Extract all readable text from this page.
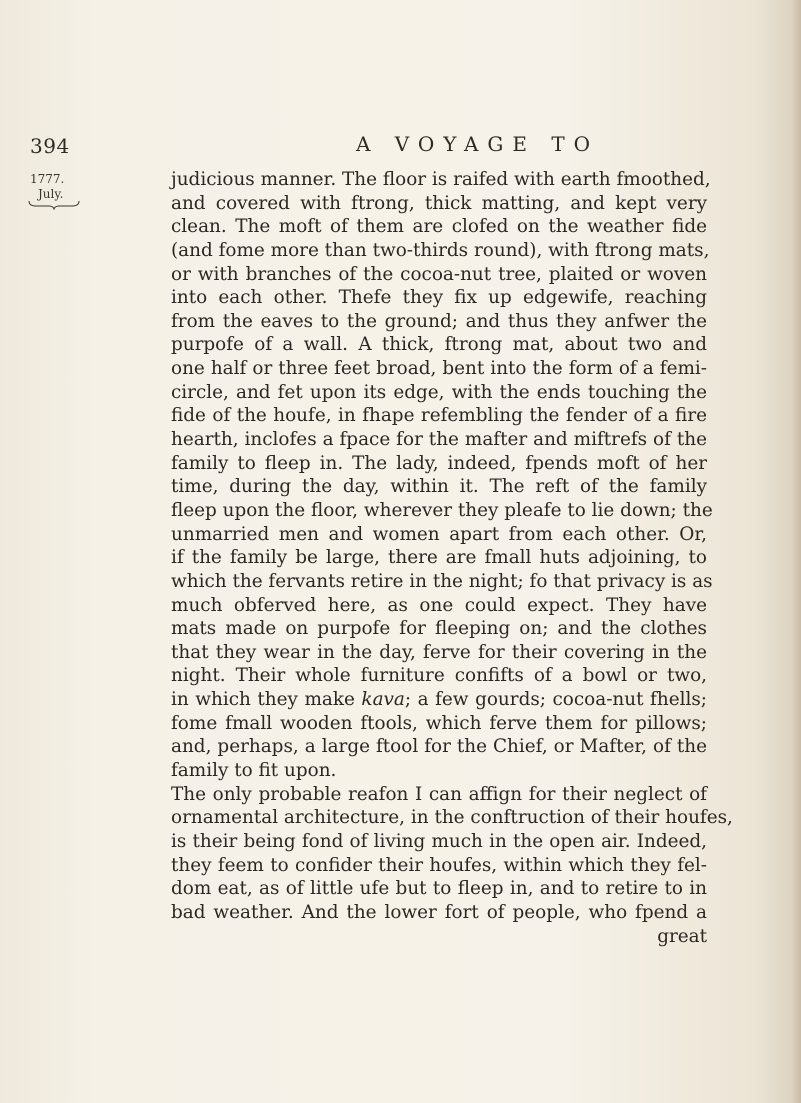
394	A VOYAGE TO
1777.
July.
judicious manner. The floor is raifed with earth fmoothed,
and covered with ftrong, thick matting, and kept very
clean. The moft of them are clofed on the weather fide
(and fome more than two-thirds round), with ftrong mats,
or with branches of the cocoa-nut tree, plaited or woven
into each other. Thefe they fix up edgewife, reaching
from the eaves to the ground; and thus they anfwer the
purpofe of a wall. A thick, ftrong mat, about two and
one half or three feet broad, bent into the form of a femi-
circle, and fet upon its edge, with the ends touching the
fide of the houfe, in fhape refembling the fender of a fire
hearth, inclofes a fpace for the mafter and miftrefs of the
family to fleep in. The lady, indeed, fpends moft of her
time, during the day, within it. The reft of the family
fleep upon the floor, wherever they pleafe to lie down; the
unmarried men and women apart from each other. Or,
if the family be large, there are fmall huts adjoining, to
which the fervants retire in the night; fo that privacy is as
much obferved here, as one could expect. They have
mats made on purpofe for fleeping on; and the clothes
that they wear in the day, ferve for their covering in the
night. Their whole furniture confifts of a bowl or two,
in which they make kava; a few gourds; cocoa-nut fhells;
fome fmall wooden ftools, which ferve them for pillows;
and, perhaps, a large ftool for the Chief, or Mafter, of the
family to fit upon.
The only probable reafon I can affign for their neglect of
ornamental architecture, in the conftruction of their houfes,
is their being fond of living much in the open air. Indeed,
they feem to confider their houfes, within which they fel-
dom eat, as of little ufe but to fleep in, and to retire to in
bad weather. And the lower fort of people, who fpend a
great
